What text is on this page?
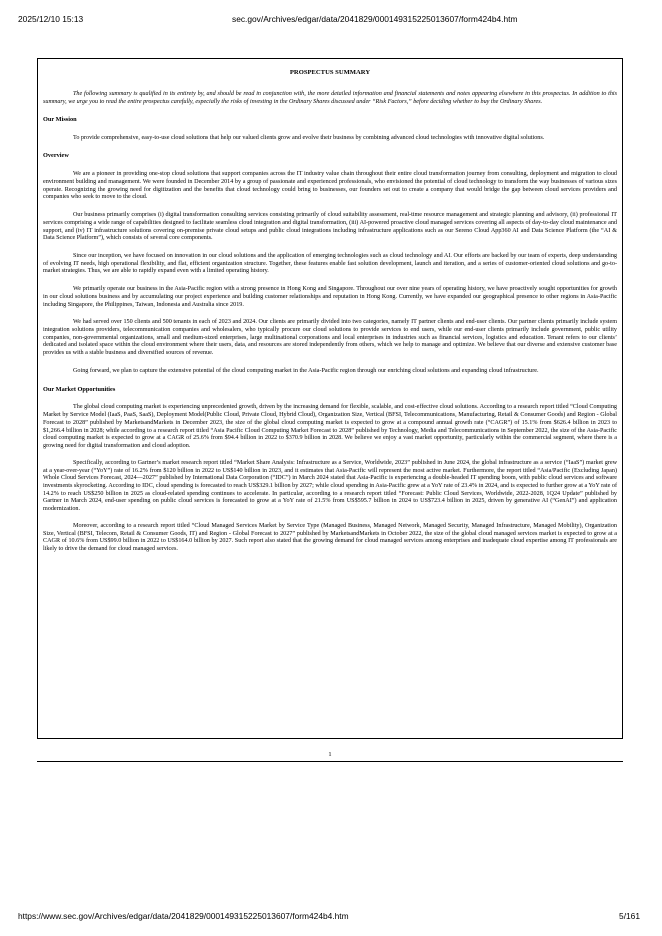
2025/12/10 15:13	sec.gov/Archives/edgar/data/2041829/000149315225013607/form424b4.htm
PROSPECTUS SUMMARY

The following summary is qualified in its entirety by, and should be read in conjunction with, the more detailed information and financial statements and notes appearing elsewhere in this prospectus. In addition to this summary, we urge you to read the entire prospectus carefully, especially the risks of investing in the Ordinary Shares discussed under “Risk Factors,” before deciding whether to buy the Ordinary Shares.

Our Mission

To provide comprehensive, easy-to-use cloud solutions that help our valued clients grow and evolve their business by combining advanced cloud technologies with innovative digital solutions.

Overview

We are a pioneer in providing one-stop cloud solutions that support companies across the IT industry value chain throughout their entire cloud transformation journey from consulting, deployment and migration to cloud environment building and management. We were founded in December 2014 by a group of passionate and experienced professionals, who envisioned the potential of cloud technology to transform the way businesses of various sizes operate. Recognizing the growing need for digitization and the benefits that cloud technology could bring to businesses, our founders set out to create a company that would bridge the gap between cloud services providers and companies who seek to move to the cloud.

Our business primarily comprises (i) digital transformation consulting services consisting primarily of cloud suitability assessment, real-time resource management and strategic planning and advisory, (ii) professional IT services comprising a wide range of capabilities designed to facilitate seamless cloud integration and digital transformation, (iii) AI-powered proactive cloud managed services covering all aspects of day-to-day cloud maintenance and support, and (iv) IT infrastructure solutions covering on-premise private cloud setups and public cloud integrations including infrastructure applications such as our Sereno Cloud App360 AI and Data Science Platform (the “AI & Data Science Platform”), which consists of several core components.

Since our inception, we have focused on innovation in our cloud solutions and the application of emerging technologies such as cloud technology and AI. Our efforts are backed by our team of experts, deep understanding of evolving IT needs, high operational flexibility, and flat, efficient organization structure. Together, these features enable fast solution development, launch and iteration, and a series of customer-oriented cloud solutions and go-to-market strategies. Thus, we are able to rapidly expand even with a limited operating history.

We primarily operate our business in the Asia-Pacific region with a strong presence in Hong Kong and Singapore. Throughout our over nine years of operating history, we have proactively sought opportunities for growth in our cloud solutions business and by accumulating our project experience and building customer relationships and reputation in Hong Kong. Currently, we have expanded our geographical presence to other regions in Asia-Pacific including Singapore, the Philippines, Taiwan, Indonesia and Australia since 2019.

We had served over 150 clients and 500 tenants in each of 2023 and 2024. Our clients are primarily divided into two categories, namely IT partner clients and end-user clients. Our partner clients primarily include system integration solutions providers, telecommunication companies and wholesalers, who typically procure our cloud solutions to provide services to end users, while our end-user clients primarily include government, public utility companies, non-governmental organizations, small and medium-sized enterprises, large multinational corporations and local enterprises in industries such as financial services, logistics and education. Tenant refers to our clients’ dedicated and isolated space within the cloud environment where their users, data, and resources are stored independently from others, which we help to manage and optimize. We believe that our diverse and extensive customer base provides us with a stable business and diversified sources of revenue.

Going forward, we plan to capture the extensive potential of the cloud computing market in the Asia-Pacific region through our enriching cloud solutions and expanding cloud infrastructure.

Our Market Opportunities

The global cloud computing market is experiencing unprecedented growth, driven by the increasing demand for flexible, scalable, and cost-effective cloud solutions. According to a research report titled “Cloud Computing Market by Service Model (IaaS, PaaS, SaaS), Deployment Model(Public Cloud, Private Cloud, Hybrid Cloud), Organization Size, Vertical (BFSI, Telecommunications, Manufacturing, Retail & Consumer Goods) and Region - Global Forecast to 2028” published by MarketsandMarkets in December 2023, the size of the global cloud computing market is expected to grow at a compound annual growth rate (“CAGR”) of 15.1% from $626.4 billion in 2023 to $1,266.4 billion in 2028; while according to a research report titled “Asia Pacific Cloud Computing Market Forecast to 2028” published by Technology, Media and Telecommunications in September 2022, the size of the Asia-Pacific cloud computing market is expected to grow at a CAGR of 25.6% from $94.4 billion in 2022 to $370.9 billion in 2028. We believe we enjoy a vast market opportunity, particularly within the commercial segment, where there is a growing need for digital transformation and cloud adoption.

Specifically, according to Gartner’s market research report titled “Market Share Analysis: Infrastructure as a Service, Worldwide, 2023” published in June 2024, the global infrastructure as a service (“IaaS”) market grew at a year-over-year (“YoY”) rate of 16.2% from $120 billion in 2022 to US$140 billion in 2023, and it estimates that Asia-Pacific will represent the most active market. Furthermore, the report titled “Asia/Pacific (Excluding Japan) Whole Cloud Services Forecast, 2024—2027” published by International Data Corporation (“IDC”) in March 2024 stated that Asia-Pacific is experiencing a double-headed IT spending boom, with public cloud services and software investments skyrocketing. According to IDC, cloud spending is forecasted to reach US$329.1 billion by 2027; while cloud spending in Asia-Pacific grew at a YoY rate of 23.4% in 2024, and is expected to further grow at a YoY rate of 14.2% to reach US$250 billion in 2025 as cloud-related spending continues to accelerate. In particular, according to a research report titled “Forecast: Public Cloud Services, Worldwide, 2022-2028, 1Q24 Update” published by Gartner in March 2024, end-user spending on public cloud services is forecasted to grow at a YoY rate of 21.5% from US$595.7 billion in 2024 to US$723.4 billion in 2025, driven by generative AI (“GenAI”) and application modernization.

Moreover, according to a research report titled “Cloud Managed Services Market by Service Type (Managed Business, Managed Network, Managed Security, Managed Infrastructure, Managed Mobility), Organization Size, Vertical (BFSI, Telecom, Retail & Consumer Goods, IT) and Region - Global Forecast to 2027” published by MarketsandMarkets in October 2022, the size of the global cloud managed services market is expected to grow at a CAGR of 10.6% from US$99.0 billion in 2022 to US$164.0 billion by 2027. Such report also stated that the growing demand for cloud managed services among enterprises and inadequate cloud expertise among IT professionals are likely to drive the demand for cloud managed services.

1
https://www.sec.gov/Archives/edgar/data/2041829/000149315225013607/form424b4.htm	5/161
